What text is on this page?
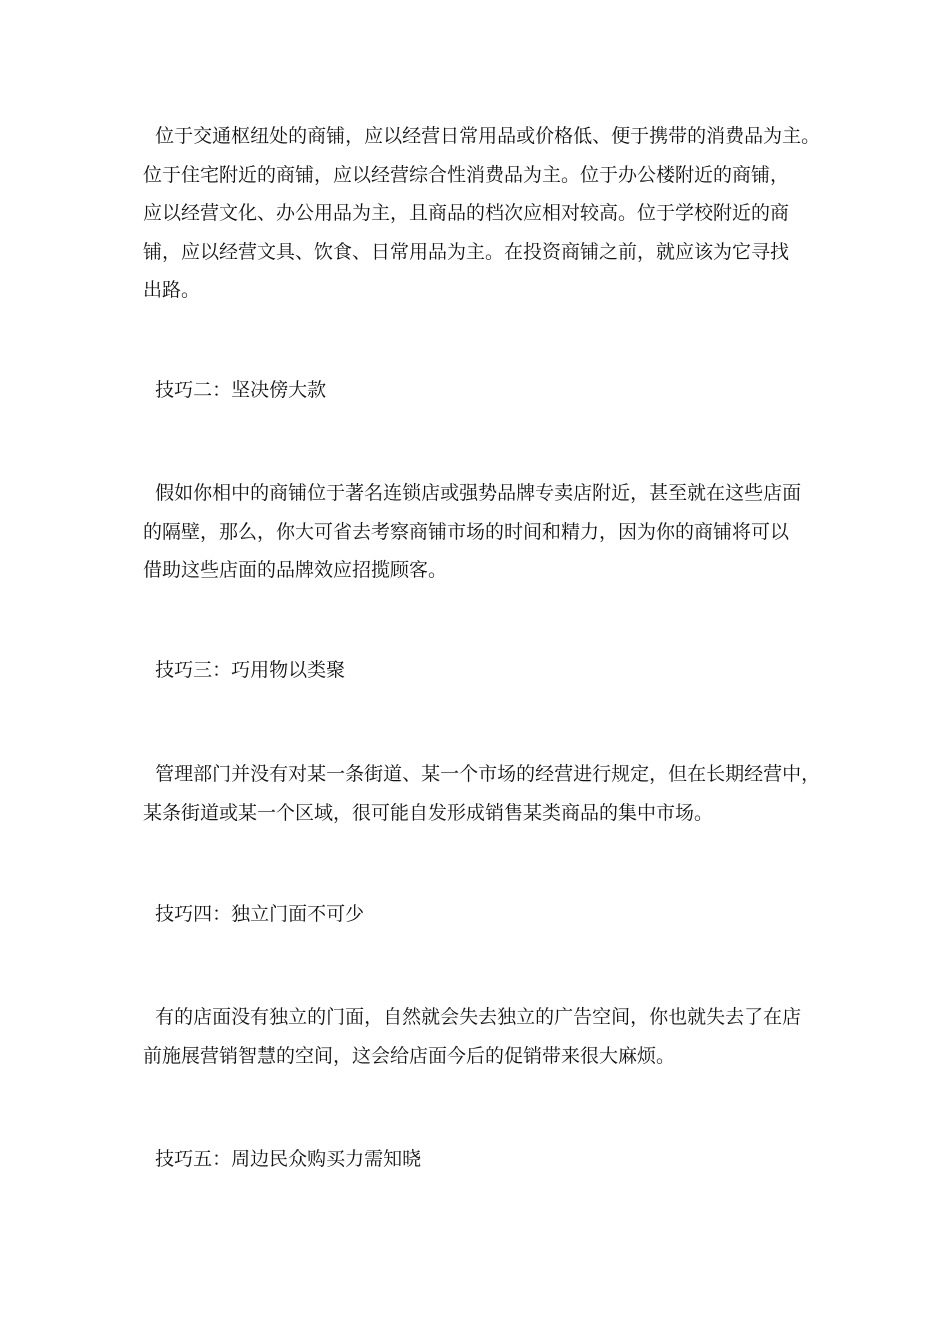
位于交通枢纽处的商铺，应以经营日常用品或价格低、便于携带的消费品为主。
位于住宅附近的商铺，应以经营综合性消费品为主。位于办公楼附近的商铺，
应以经营文化、办公用品为主，且商品的档次应相对较高。位于学校附近的商
铺，应以经营文具、饮食、日常用品为主。在投资商铺之前，就应该为它寻找
出路。

技巧二：坚决傍大款

假如你相中的商铺位于著名连锁店或强势品牌专卖店附近，甚至就在这些店面
的隔壁，那么，你大可省去考察商铺市场的时间和精力，因为你的商铺将可以
借助这些店面的品牌效应招揽顾客。

技巧三：巧用物以类聚

管理部门并没有对某一条街道、某一个市场的经营进行规定，但在长期经营中，
某条街道或某一个区域，很可能自发形成销售某类商品的集中市场。

技巧四：独立门面不可少

有的店面没有独立的门面，自然就会失去独立的广告空间，你也就失去了在店
前施展营销智慧的空间，这会给店面今后的促销带来很大麻烦。

技巧五：周边民众购买力需知晓
